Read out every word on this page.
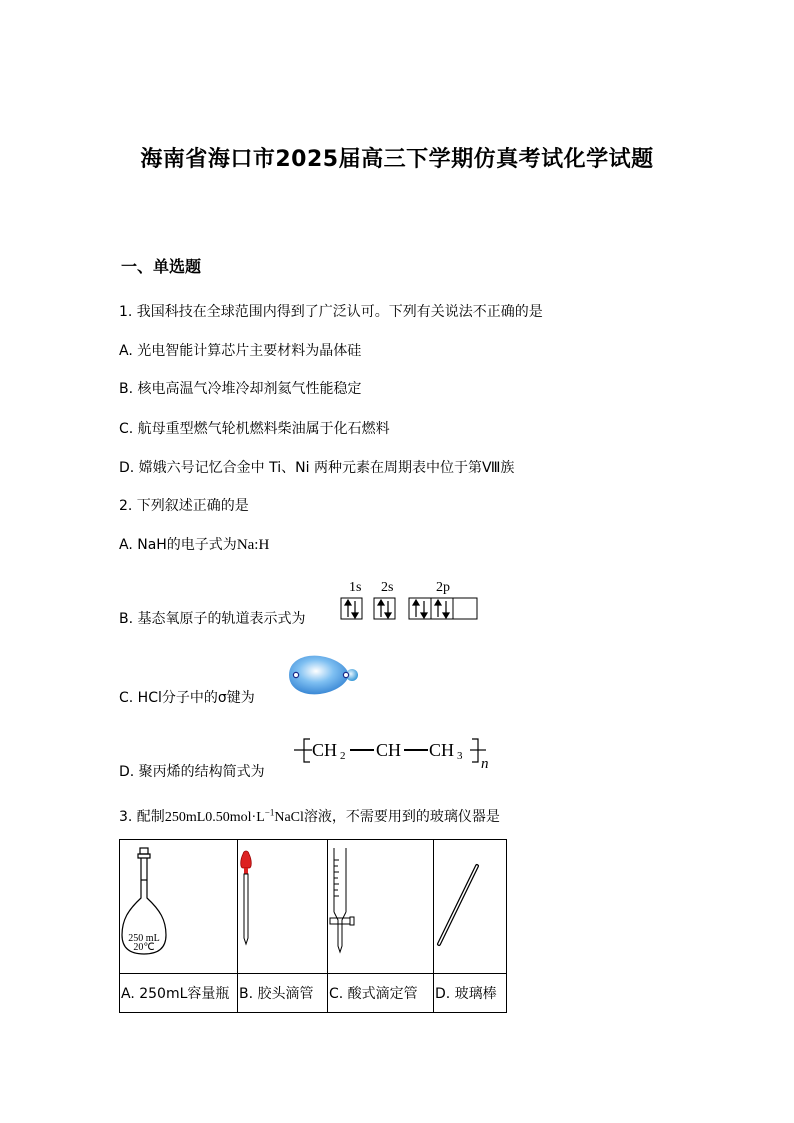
海南省海口市2025届高三下学期仿真考试化学试题
一、单选题
1. 我国科技在全球范围内得到了广泛认可。下列有关说法不正确的是
A. 光电智能计算芯片主要材料为晶体硅
B. 核电高温气冷堆冷却剂氦气性能稳定
C. 航母重型燃气轮机燃料柴油属于化石燃料
D. 嫦娥六号记忆合金中 Ti、Ni 两种元素在周期表中位于第Ⅷ族
2. 下列叙述正确的是
A. NaH的电子式为Na:H
B. 基态氧原子的轨道表示式为
1s 2s	2p
C. HCl分子中的σ键为
D. 聚丙烯的结构简式为
CH 2 CH CH 3 n
3. 配制$250mL0.50mol\cdot L^{-1}NaCl$溶液，不需要用到的玻璃仪器是
250 mL
20℃

A. 250mL容量瓶	B. 胶头滴管	C. 酸式滴定管	D. 玻璃棒
